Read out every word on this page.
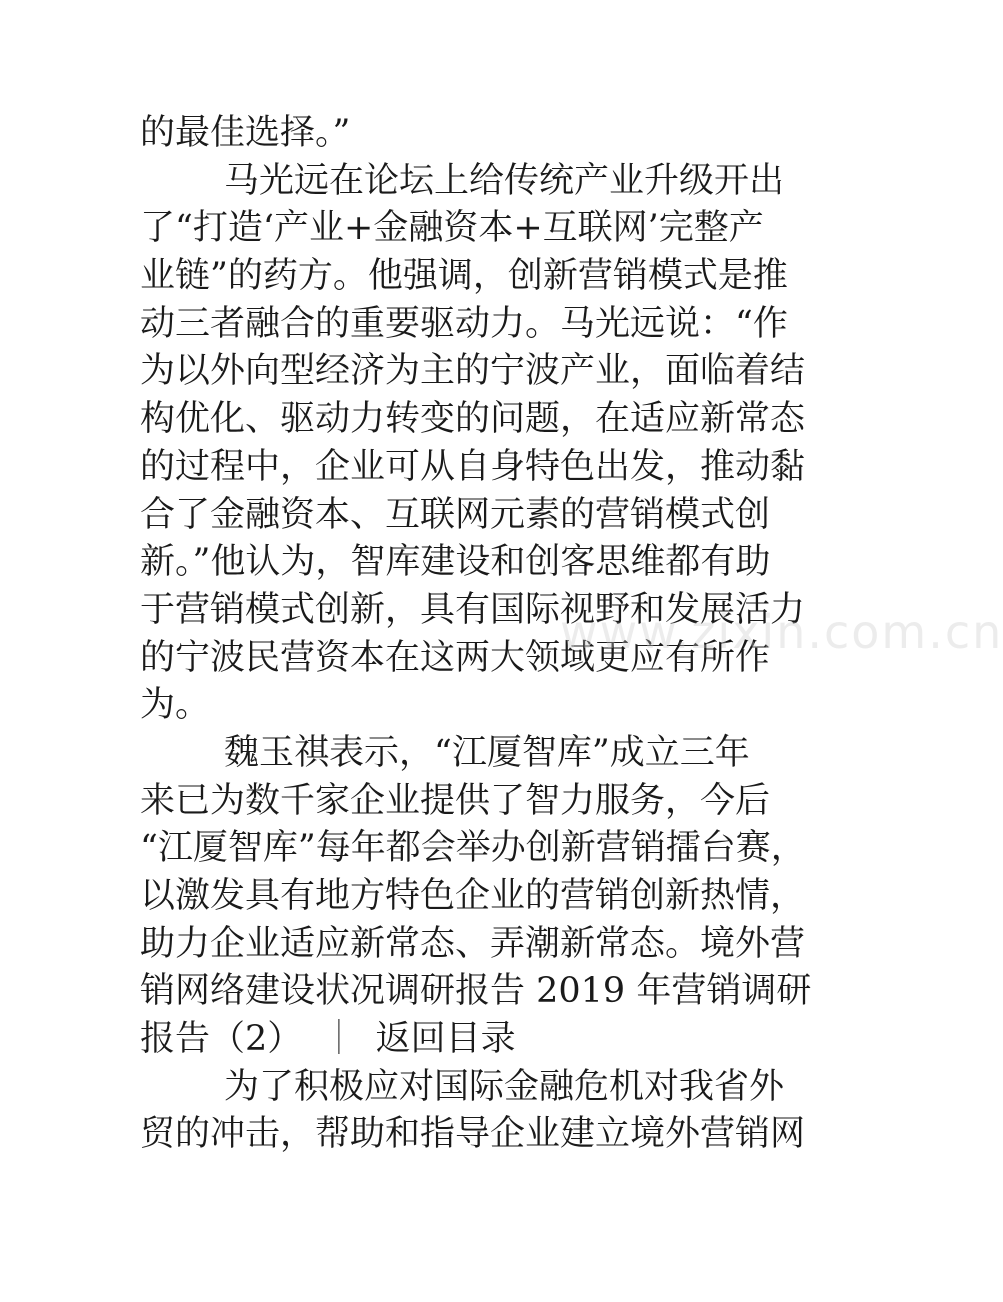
的最佳选择。”
马光远在论坛上给传统产业升级开出
了“打造‘产业+金融资本+互联网’完整产
业链”的药方。他强调，创新营销模式是推
动三者融合的重要驱动力。马光远说：“作
为以外向型经济为主的宁波产业，面临着结
构优化、驱动力转变的问题，在适应新常态
的过程中，企业可从自身特色出发，推动黏
合了金融资本、互联网元素的营销模式创
新。”他认为，智库建设和创客思维都有助
于营销模式创新，具有国际视野和发展活力
的宁波民营资本在这两大领域更应有所作
为。
魏玉祺表示，“江厦智库”成立三年
来已为数千家企业提供了智力服务，今后
“江厦智库”每年都会举办创新营销擂台赛，
以激发具有地方特色企业的营销创新热情，
助力企业适应新常态、弄潮新常态。境外营
销网络建设状况调研报告 2019 年营销调研
报告（2） ｜ 返回目录
为了积极应对国际金融危机对我省外
贸的冲击，帮助和指导企业建立境外营销网
www.zixin.com.cn
